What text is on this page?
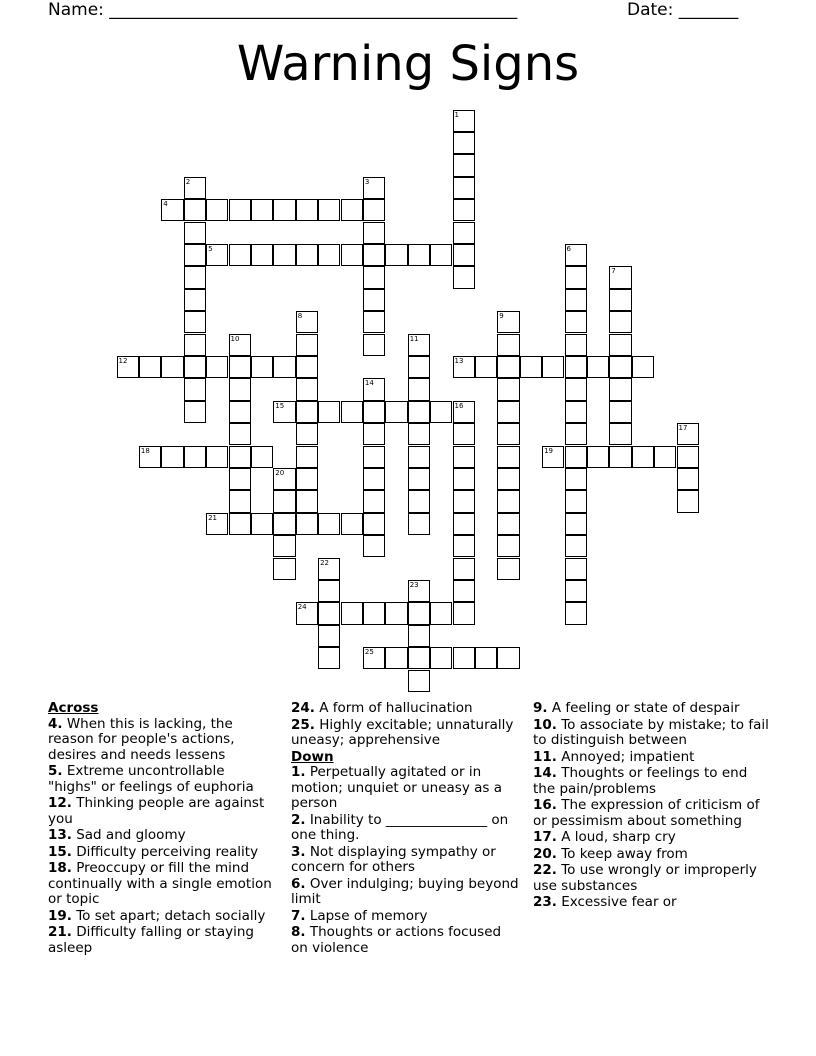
Name: ________________________________________________	Date: _______
Warning Signs
1
2	3
4
5	6
7
8	9
10	11
12	13
14
15	16
17
18	19
20
21
22
23
24
25
Across
4. When this is lacking, the reason for people's actions, desires and needs lessens
5. Extreme uncontrollable "highs" or feelings of euphoria
12. Thinking people are against you
13. Sad and gloomy
15. Difficulty perceiving reality
18. Preoccupy or fill the mind continually with a single emotion or topic
19. To set apart; detach socially
21. Difficulty falling or staying asleep
24. A form of hallucination
25. Highly excitable; unnaturally uneasy; apprehensive
Down
1. Perpetually agitated or in motion; unquiet or uneasy as a person
2. Inability to _______________ on one thing.
3. Not displaying sympathy or concern for others
6. Over indulging; buying beyond limit
7. Lapse of memory
8. Thoughts or actions focused on violence
9. A feeling or state of despair
10. To associate by mistake; to fail to distinguish between
11. Annoyed; impatient
14. Thoughts or feelings to end the pain/problems
16. The expression of criticism of or pessimism about something
17. A loud, sharp cry
20. To keep away from
22. To use wrongly or improperly use substances
23. Excessive fear or
